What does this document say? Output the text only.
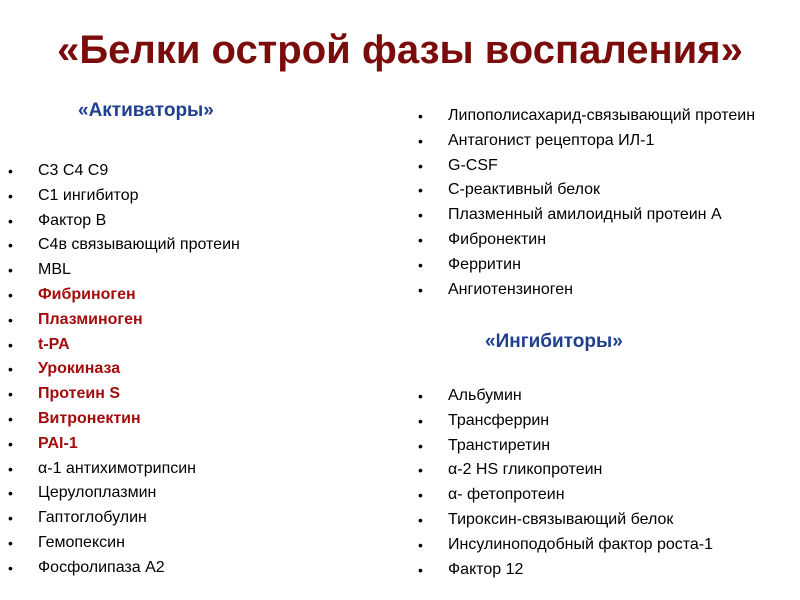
«Белки острой фазы воспаления»
«Активаторы»
• C3 C4 C9
• C1 ингибитор
• Фактор В
• C4в связывающий протеин
• MBL
• Фибриноген
• Плазминоген
• t-PA
• Урокиназа
• Протеин S
• Витронектин
• PAI-1
• α-1 антихимотрипсин
• Церулоплазмин
• Гаптоглобулин
• Гемопексин
• Фосфолипаза А2
• Липополисахарид-связывающий протеин
• Антагонист рецептора ИЛ-1
• G-CSF
• C-реактивный белок
• Плазменный амилоидный протеин А
• Фибронектин
• Ферритин
• Ангиотензиноген
«Ингибиторы»
• Альбумин
• Трансферрин
• Транстиретин
• α-2 HS гликопротеин
• α- фетопротеин
• Тироксин-связывающий белок
• Инсулиноподобный фактор роста-1
• Фактор 12
